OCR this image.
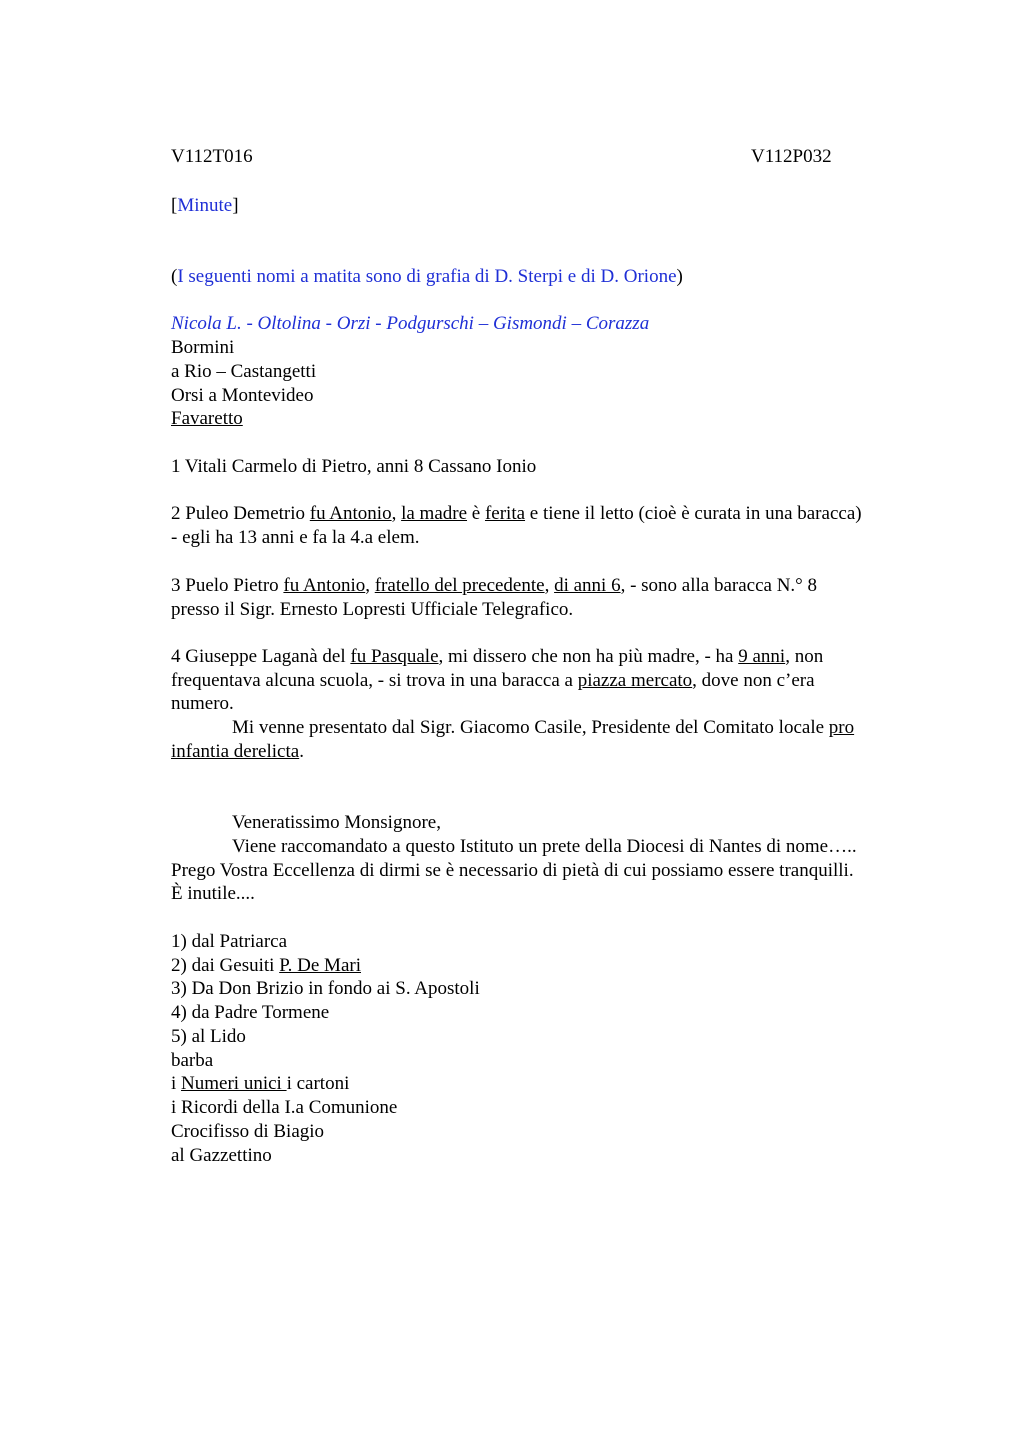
V112T016	V112P032
[Minute]
(I seguenti nomi a matita sono di grafia di D. Sterpi e di D. Orione)
Nicola L. - Oltolina - Orzi - Podgurschi – Gismondi – Corazza
Bormini
a Rio – Castangetti
Orsi a Montevideo
Favaretto
1 Vitali Carmelo di Pietro, anni 8 Cassano Ionio
2 Puleo Demetrio fu Antonio, la madre è ferita e tiene il letto (cioè è curata in una baracca)
- egli ha 13 anni e fa la 4.a elem.
3 Puelo Pietro fu Antonio, fratello del precedente, di anni 6, - sono alla baracca N.° 8
presso il Sigr. Ernesto Lopresti Ufficiale Telegrafico.
4 Giuseppe Laganà del fu Pasquale, mi dissero che non ha più madre, - ha 9 anni, non
frequentava alcuna scuola, - si trova in una baracca a piazza mercato, dove non c’era
numero.
Mi venne presentato dal Sigr. Giacomo Casile, Presidente del Comitato locale pro
infantia derelicta.
Veneratissimo Monsignore,
Viene raccomandato a questo Istituto un prete della Diocesi di Nantes di nome…..
Prego Vostra Eccellenza di dirmi se è necessario di pietà di cui possiamo essere tranquilli.
È inutile....
1) dal Patriarca
2) dai Gesuiti P. De Mari
3) Da Don Brizio in fondo ai S. Apostoli
4) da Padre Tormene
5) al Lido
barba
i Numeri unici i cartoni
i Ricordi della I.a Comunione
Crocifisso di Biagio
al Gazzettino
